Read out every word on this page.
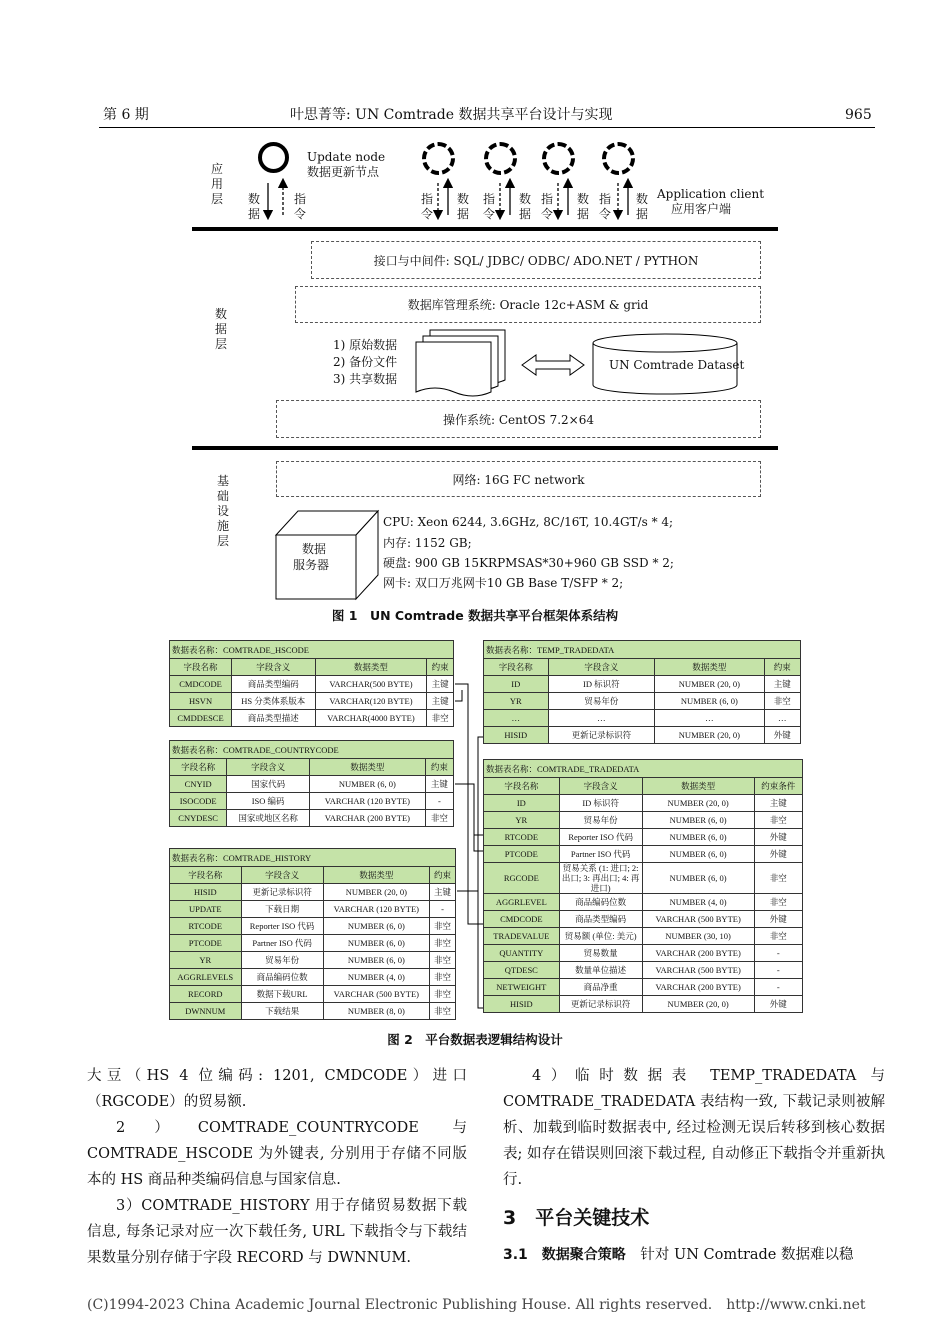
第 6 期	叶思菁等: UN Comtrade 数据共享平台设计与实现	965
应用层
数据层
基础设施层
Update node
数据更新节点
数据
指令
指令
数据
指令
数据
指令
数据
指令
数据
Application client
应用客户端
接口与中间件: SQL/ JDBC/ ODBC/ ADO.NET / PYTHON
数据库管理系统: Oracle 12c+ASM & grid
1) 原始数据
2) 备份文件
3) 共享数据
UN Comtrade Dataset
操作系统: CentOS 7.2×64
网络: 16G FC network
数据
服务器
CPU: Xeon 6244, 3.6GHz, 8C/16T, 10.4GT/s * 4;
内存: 1152 GB;
硬盘: 900 GB 15KRPMSAS*30+960 GB SSD * 2;
网卡: 双口万兆网卡10 GB Base T/SFP * 2;
图 1　UN Comtrade 数据共享平台框架体系结构
数据表名称：COMTRADE_HSCODE			
字段名称	字段含义	数据类型	约束
CMDCODE	商品类型编码	VARCHAR(500 BYTE)	主键
HSVN	HS 分类体系版本	VARCHAR(120 BYTE)	主键
CMDDESCE	商品类型描述	VARCHAR(4000 BYTE)	非空
数据表名称：COMTRADE_COUNTRYCODE			
字段名称	字段含义	数据类型	约束
CNYID	国家代码	NUMBER (6, 0)	主键
ISOCODE	ISO 编码	VARCHAR (120 BYTE)	-
CNYDESC	国家或地区名称	VARCHAR (200 BYTE)	非空
数据表名称：COMTRADE_HISTORY			
字段名称	字段含义	数据类型	约束
HISID	更新记录标识符	NUMBER (20, 0)	主键
UPDATE	下载日期	VARCHAR (120 BYTE)	-
RTCODE	Reporter ISO 代码	NUMBER (6, 0)	非空
PTCODE	Partner ISO 代码	NUMBER (6, 0)	非空
YR	贸易年份	NUMBER (6, 0)	非空
AGGRLEVELS	商品编码位数	NUMBER (4, 0)	非空
RECORD	数据下载URL	VARCHAR (500 BYTE)	非空
DWNNUM	下载结果	NUMBER (8, 0)	非空
数据表名称：TEMP_TRADEDATA			
字段名称	字段含义	数据类型	约束
ID	ID 标识符	NUMBER (20, 0)	主键
YR	贸易年份	NUMBER (6, 0)	非空
…	…	…	…
HISID	更新记录标识符	NUMBER (20, 0)	外键
数据表名称：COMTRADE_TRADEDATA			
字段名称	字段含义	数据类型	约束条件
ID	ID 标识符	NUMBER (20, 0)	主键
YR	贸易年份	NUMBER (6, 0)	非空
RTCODE	Reporter ISO 代码	NUMBER (6, 0)	外键
PTCODE	Partner ISO 代码	NUMBER (6, 0)	外键
RGCODE	贸易关系 (1: 进口; 2: 出口; 3: 再出口; 4: 再进口)	NUMBER (6, 0)	非空
AGGRLEVEL	商品编码位数	NUMBER (4, 0)	非空
CMDCODE	商品类型编码	VARCHAR (500 BYTE)	外键
TRADEVALUE	贸易额 (单位: 美元)	NUMBER (30, 10)	非空
QUANTITY	贸易数量	VARCHAR (200 BYTE)	-
QTDESC	数量单位描述	VARCHAR (500 BYTE)	-
NETWEIGHT	商品净重	VARCHAR (200 BYTE)	-
HISID	更新记录标识符	NUMBER (20, 0)	外键
图 2　平台数据表逻辑结构设计
大豆（HS 4 位编码: 1201, CMDCODE）进口（RGCODE）的贸易额.
2）COMTRADE_COUNTRYCODE 与 COMTRADE_HSCODE 为外键表, 分别用于存储不同版本的 HS 商品种类编码信息与国家信息.
3）COMTRADE_HISTORY 用于存储贸易数据下载信息, 每条记录对应一次下载任务, URL 下载指令与下载结果数量分别存储于字段 RECORD 与 DWNNUM.
4）临时数据表 TEMP_TRADEDATA 与 COMTRADE_TRADEDATA 表结构一致, 下载记录则被解析、加载到临时数据表中, 经过检测无误后转移到核心数据表; 如存在错误则回滚下载过程, 自动修正下载指令并重新执行.
3　平台关键技术
3.1　数据聚合策略 针对 UN Comtrade 数据难以稳
(C)1994-2023 China Academic Journal Electronic Publishing House. All rights reserved.　http://www.cnki.net
